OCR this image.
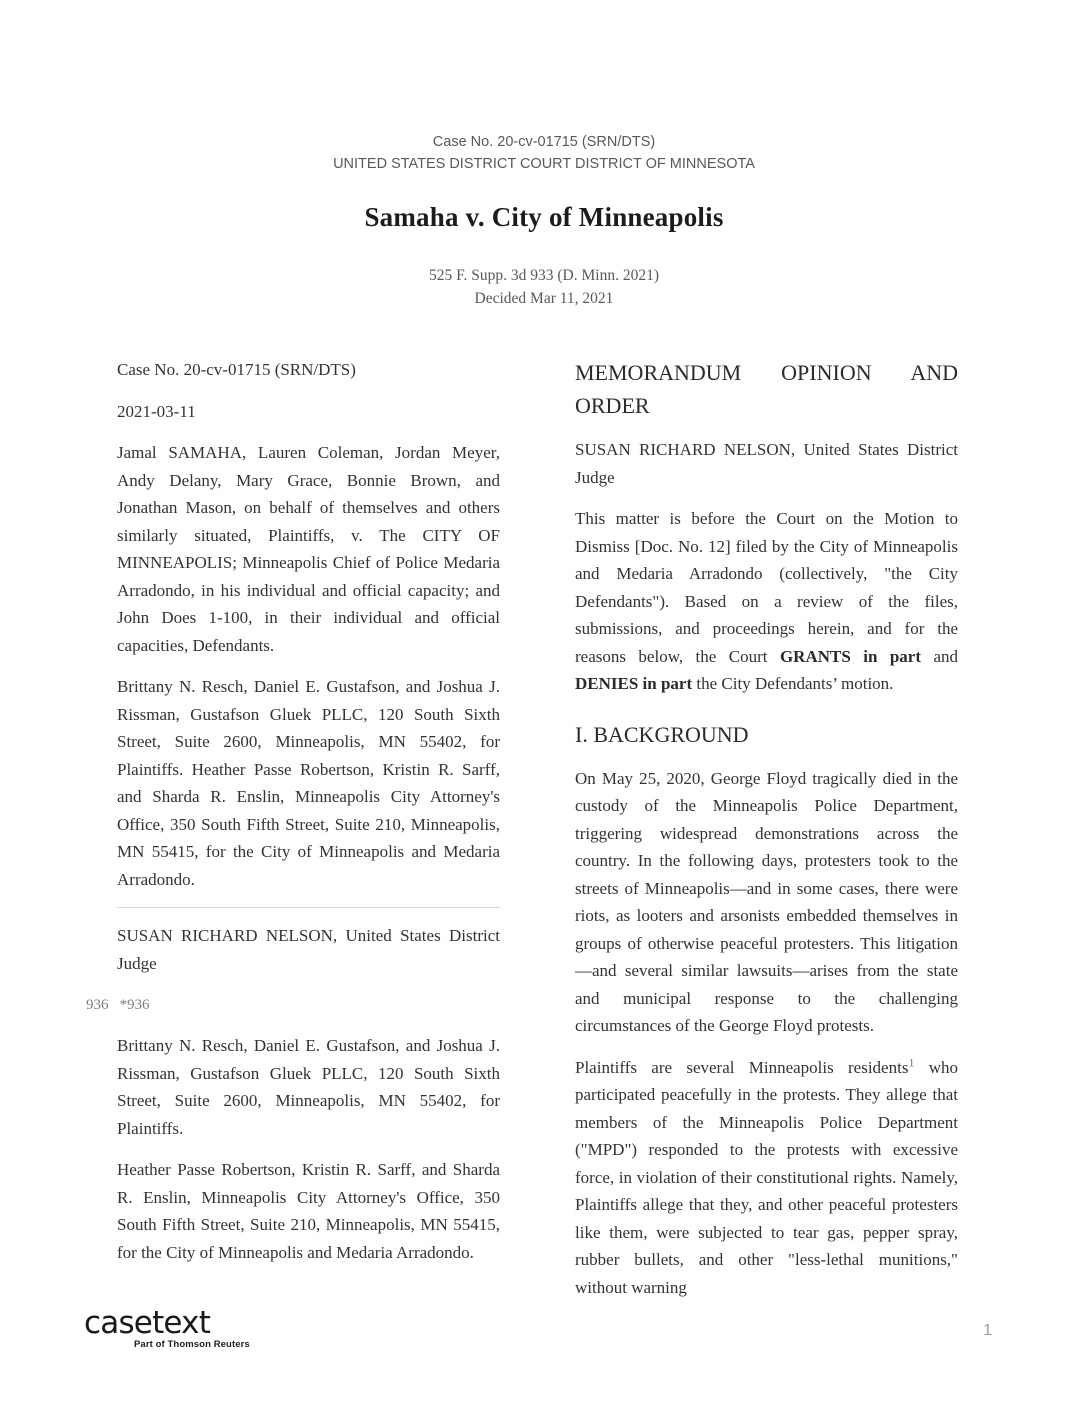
Case No. 20-cv-01715 (SRN/DTS)
UNITED STATES DISTRICT COURT DISTRICT OF MINNESOTA
Samaha v. City of Minneapolis
525 F. Supp. 3d 933 (D. Minn. 2021)
Decided Mar 11, 2021

Case No. 20-cv-01715 (SRN/DTS)

2021-03-11

Jamal SAMAHA, Lauren Coleman, Jordan Meyer, Andy Delany, Mary Grace, Bonnie Brown, and Jonathan Mason, on behalf of themselves and others similarly situated, Plaintiffs, v. The CITY OF MINNEAPOLIS; Minneapolis Chief of Police Medaria Arradondo, in his individual and official capacity; and John Does 1-100, in their individual and official capacities, Defendants.

Brittany N. Resch, Daniel E. Gustafson, and Joshua J. Rissman, Gustafson Gluek PLLC, 120 South Sixth Street, Suite 2600, Minneapolis, MN 55402, for Plaintiffs. Heather Passe Robertson, Kristin R. Sarff, and Sharda R. Enslin, Minneapolis City Attorney's Office, 350 South Fifth Street, Suite 210, Minneapolis, MN 55415, for the City of Minneapolis and Medaria Arradondo.

SUSAN RICHARD NELSON, United States District Judge

936 *936

Brittany N. Resch, Daniel E. Gustafson, and Joshua J. Rissman, Gustafson Gluek PLLC, 120 South Sixth Street, Suite 2600, Minneapolis, MN 55402, for Plaintiffs.

Heather Passe Robertson, Kristin R. Sarff, and Sharda R. Enslin, Minneapolis City Attorney's Office, 350 South Fifth Street, Suite 210, Minneapolis, MN 55415, for the City of Minneapolis and Medaria Arradondo.

MEMORANDUM OPINION AND ORDER

SUSAN RICHARD NELSON, United States District Judge

This matter is before the Court on the Motion to Dismiss [Doc. No. 12] filed by the City of Minneapolis and Medaria Arradondo (collectively, "the City Defendants"). Based on a review of the files, submissions, and proceedings herein, and for the reasons below, the Court GRANTS in part and DENIES in part the City Defendants’ motion.

I. BACKGROUND

On May 25, 2020, George Floyd tragically died in the custody of the Minneapolis Police Department, triggering widespread demonstrations across the country. In the following days, protesters took to the streets of Minneapolis—and in some cases, there were riots, as looters and arsonists embedded themselves in groups of otherwise peaceful protesters. This litigation—and several similar lawsuits—arises from the state and municipal response to the challenging circumstances of the George Floyd protests.

Plaintiffs are several Minneapolis residents$^1$ who participated peacefully in the protests. They allege that members of the Minneapolis Police Department ("MPD") responded to the protests with excessive force, in violation of their constitutional rights. Namely, Plaintiffs allege that they, and other peaceful protesters like them, were subjected to tear gas, pepper spray, rubber bullets, and other "less-lethal munitions," without warning

casetext
Part of Thomson Reuters
1
